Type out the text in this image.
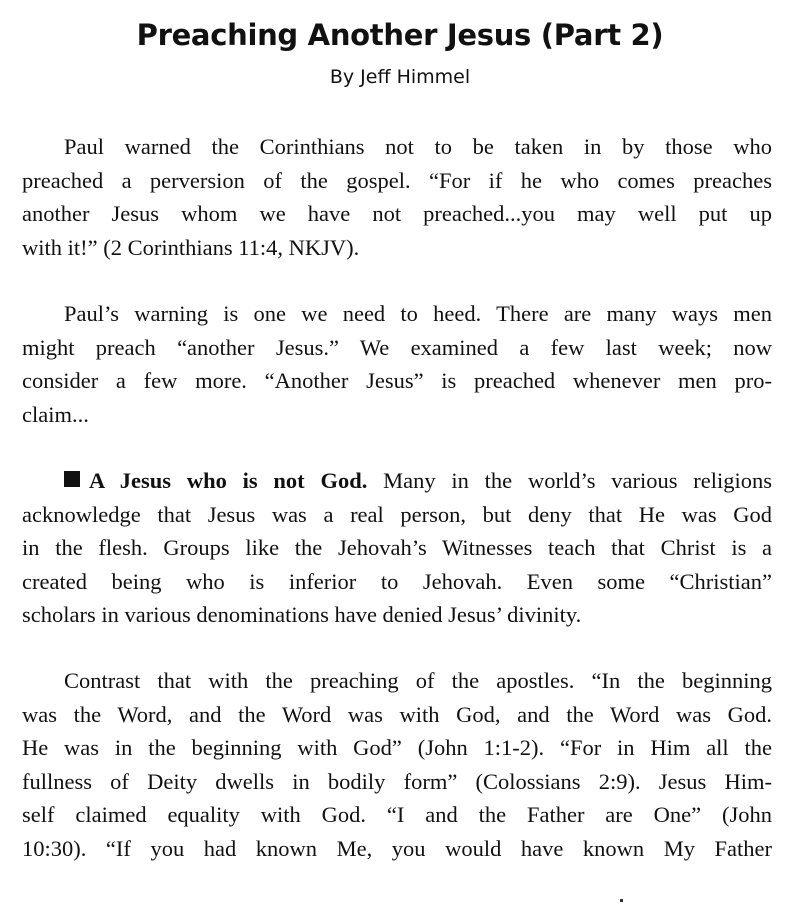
Preaching Another Jesus (Part 2)
By Jeff Himmel

Paul warned the Corinthians not to be taken in by those who
preached a perversion of the gospel. “For if he who comes preaches
another Jesus whom we have not preached...you may well put up
with it!” (2 Corinthians 11:4, NKJV).

Paul’s warning is one we need to heed. There are many ways men
might preach “another Jesus.” We examined a few last week; now
consider a few more. “Another Jesus” is preached whenever men pro-
claim...

A Jesus who is not God. Many in the world’s various religions
acknowledge that Jesus was a real person, but deny that He was God
in the flesh. Groups like the Jehovah’s Witnesses teach that Christ is a
created being who is inferior to Jehovah. Even some “Christian”
scholars in various denominations have denied Jesus’ divinity.

Contrast that with the preaching of the apostles. “In the beginning
was the Word, and the Word was with God, and the Word was God.
He was in the beginning with God” (John 1:1-2). “For in Him all the
fullness of Deity dwells in bodily form” (Colossians 2:9). Jesus Him-
self claimed equality with God. “I and the Father are One” (John
10:30). “If you had known Me, you would have known My Father
